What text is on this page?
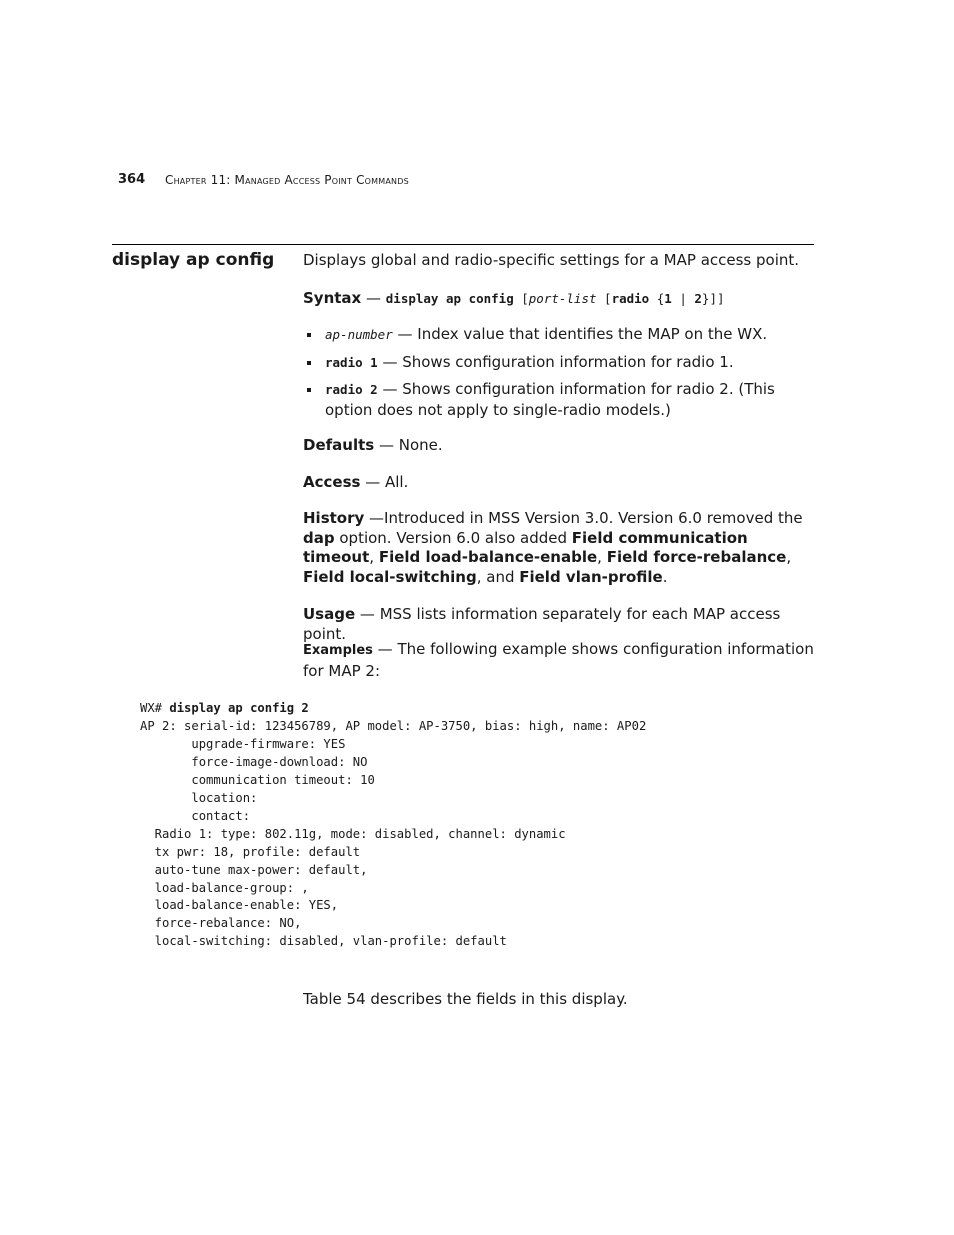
364 Chapter 11: Managed Access Point Commands
display ap config Displays global and radio-specific settings for a MAP access point.
Syntax — display ap config [port-list [radio {1 | 2}]]
ap-number — Index value that identifies the MAP on the WX.
radio 1 — Shows configuration information for radio 1.
radio 2 — Shows configuration information for radio 2. (This option does not apply to single-radio models.)
Defaults — None.
Access — All.
History —Introduced in MSS Version 3.0. Version 6.0 removed the dap option. Version 6.0 also added Field communication timeout, Field load-balance-enable, Field force-rebalance, Field local-switching, and Field vlan-profile.
Usage — MSS lists information separately for each MAP access point.
Examples — The following example shows configuration information for MAP 2:
WX# display ap config 2
AP 2: serial-id: 123456789, AP model: AP-3750, bias: high, name: AP02
upgrade-firmware: YES
force-image-download: NO
communication timeout: 10
location:
contact:
Radio 1: type: 802.11g, mode: disabled, channel: dynamic
tx pwr: 18, profile: default
auto-tune max-power: default,
load-balance-group: ,
load-balance-enable: YES,
force-rebalance: NO,
local-switching: disabled, vlan-profile: default
Table 54 describes the fields in this display.
